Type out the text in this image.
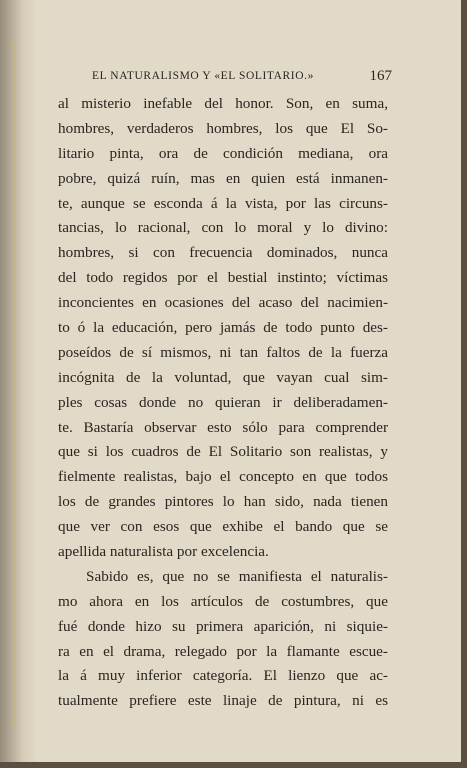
EL NATURALISMO Y «EL SOLITARIO.»	167
al misterio inefable del honor. Son, en suma,
hombres, verdaderos hombres, los que El So-
litario pinta, ora de condición mediana, ora
pobre, quizá ruín, mas en quien está inmanen-
te, aunque se esconda á la vista, por las circuns-
tancias, lo racional, con lo moral y lo divino:
hombres, si con frecuencia dominados, nunca
del todo regidos por el bestial instinto; víctimas
inconcientes en ocasiones del acaso del nacimien-
to ó la educación, pero jamás de todo punto des-
poseídos de sí mismos, ni tan faltos de la fuerza
incógnita de la voluntad, que vayan cual sim-
ples cosas donde no quieran ir deliberadamen-
te. Bastaría observar esto sólo para comprender
que si los cuadros de El Solitario son realistas, y
fielmente realistas, bajo el concepto en que todos
los de grandes pintores lo han sido, nada tienen
que ver con esos que exhibe el bando que se
apellida naturalista por excelencia.
Sabido es, que no se manifiesta el naturalis-
mo ahora en los artículos de costumbres, que
fué donde hizo su primera aparición, ni siquie-
ra en el drama, relegado por la flamante escue-
la á muy inferior categoría. El lienzo que ac-
tualmente prefiere este linaje de pintura, ni es
